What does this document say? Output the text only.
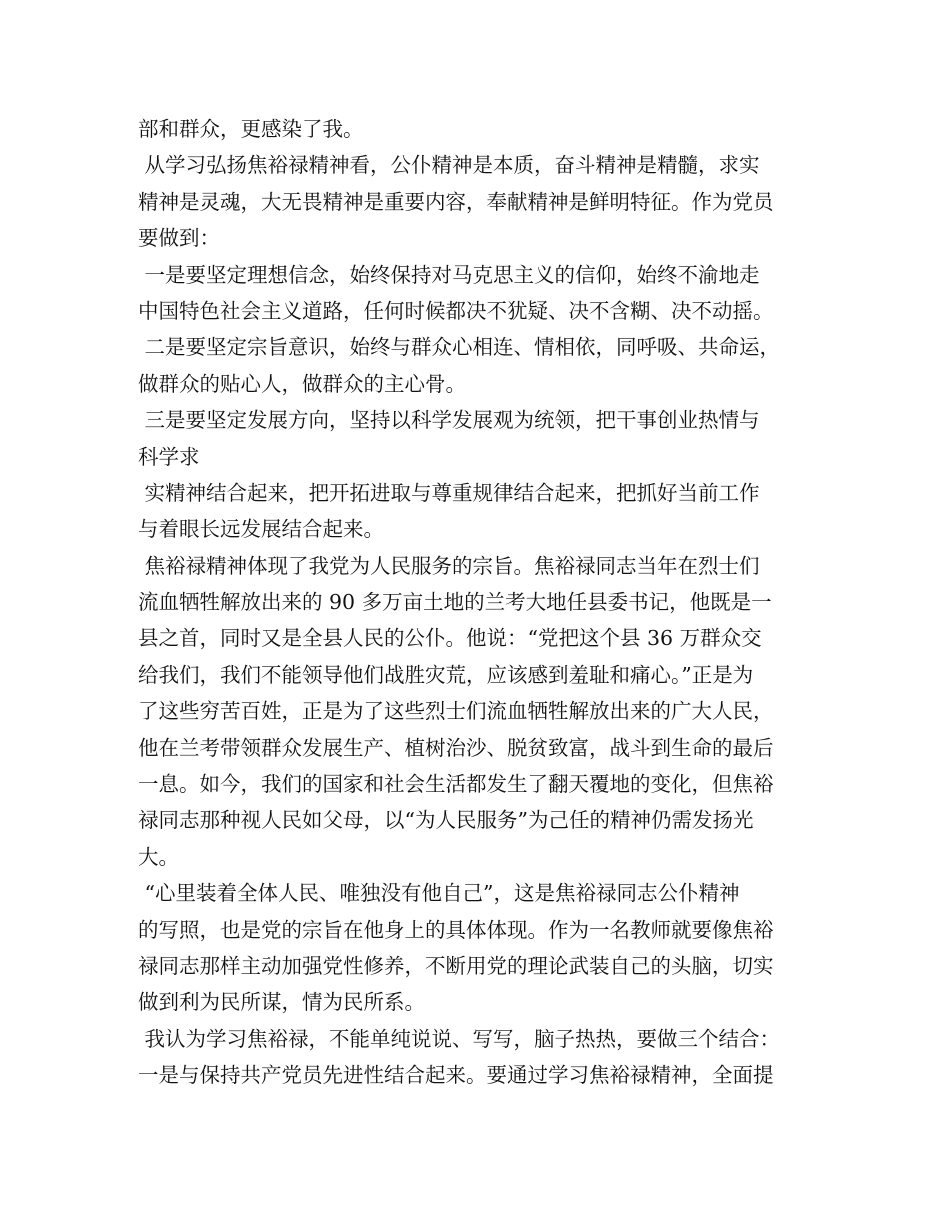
部和群众，更感染了我。
从学习弘扬焦裕禄精神看，公仆精神是本质，奋斗精神是精髓，求实
精神是灵魂，大无畏精神是重要内容，奉献精神是鲜明特征。作为党员
要做到：
一是要坚定理想信念，始终保持对马克思主义的信仰，始终不渝地走
中国特色社会主义道路，任何时候都决不犹疑、决不含糊、决不动摇。
二是要坚定宗旨意识，始终与群众心相连、情相依，同呼吸、共命运，
做群众的贴心人，做群众的主心骨。
三是要坚定发展方向，坚持以科学发展观为统领，把干事创业热情与
科学求
实精神结合起来，把开拓进取与尊重规律结合起来，把抓好当前工作
与着眼长远发展结合起来。
焦裕禄精神体现了我党为人民服务的宗旨。焦裕禄同志当年在烈士们
流血牺牲解放出来的 90 多万亩土地的兰考大地任县委书记，他既是一
县之首，同时又是全县人民的公仆。他说：“党把这个县 36 万群众交
给我们，我们不能领导他们战胜灾荒，应该感到羞耻和痛心。”正是为
了这些穷苦百姓，正是为了这些烈士们流血牺牲解放出来的广大人民，
他在兰考带领群众发展生产、植树治沙、脱贫致富，战斗到生命的最后
一息。如今，我们的国家和社会生活都发生了翻天覆地的变化，但焦裕
禄同志那种视人民如父母，以“为人民服务”为己任的精神仍需发扬光
大。
“心里装着全体人民、唯独没有他自己”，这是焦裕禄同志公仆精神
的写照，也是党的宗旨在他身上的具体体现。作为一名教师就要像焦裕
禄同志那样主动加强党性修养，不断用党的理论武装自己的头脑，切实
做到利为民所谋，情为民所系。
我认为学习焦裕禄，不能单纯说说、写写，脑子热热，要做三个结合：
一是与保持共产党员先进性结合起来。要通过学习焦裕禄精神，全面提
